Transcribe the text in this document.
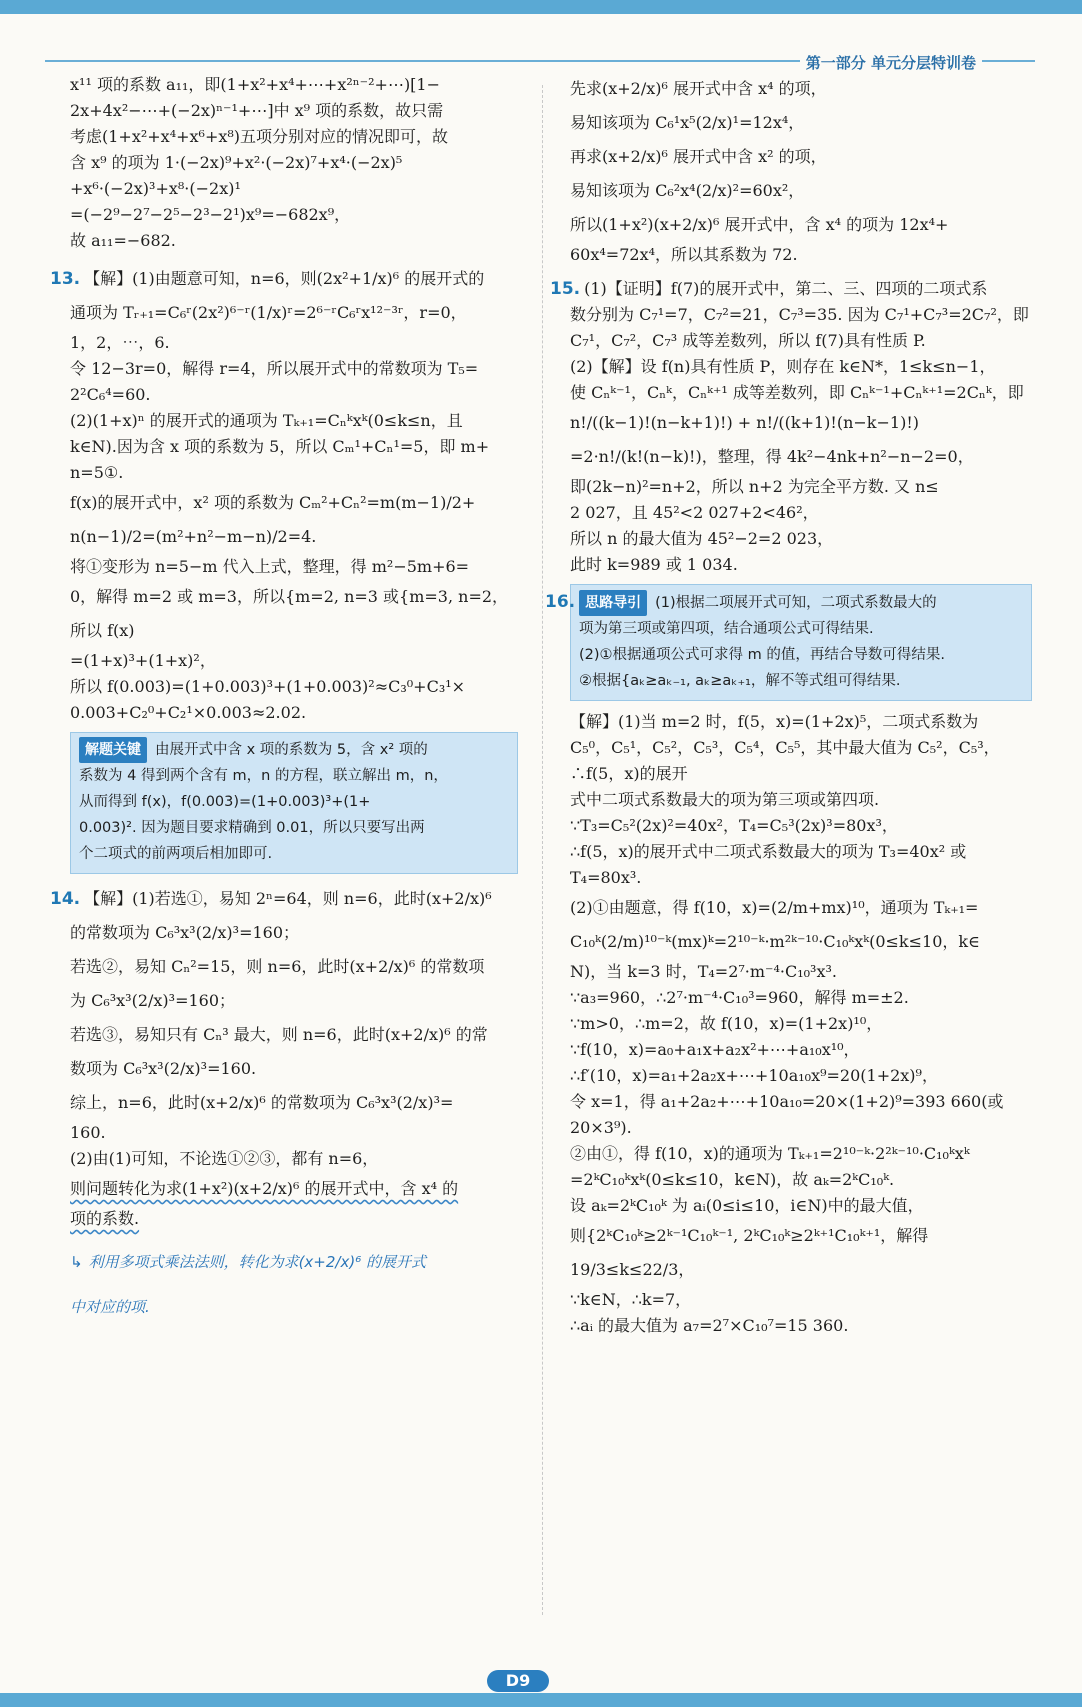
第一部分 单元分层特训卷

x¹¹ 项的系数 a₁₁，即(1+x²+x⁴+⋯+x²ⁿ⁻²+⋯)[1−

2x+4x²−⋯+(−2x)ⁿ⁻¹+⋯]中 x⁹ 项的系数，故只需

考虑(1+x²+x⁴+x⁶+x⁸)五项分别对应的情况即可，故

含 x⁹ 的项为 1·(−2x)⁹+x²·(−2x)⁷+x⁴·(−2x)⁵

+x⁶·(−2x)³+x⁸·(−2x)¹

=(−2⁹−2⁷−2⁵−2³−2¹)x⁹=−682x⁹，

故 a₁₁=−682.

13. 【解】(1)由题意可知，n=6，则(2x²+1/x)⁶ 的展开式的

通项为 Tᵣ₊₁=C₆ʳ(2x²)⁶⁻ʳ(1/x)ʳ=2⁶⁻ʳC₆ʳx¹²⁻³ʳ，r=0，

1，2，⋯，6.

令 12−3r=0，解得 r=4，所以展开式中的常数项为 T₅=

2²C₆⁴=60.

(2)(1+x)ⁿ 的展开式的通项为 Tₖ₊₁=Cₙᵏxᵏ(0≤k≤n，且

k∈N).因为含 x 项的系数为 5，所以 Cₘ¹+Cₙ¹=5，即 m+

n=5①.

f(x)的展开式中，x² 项的系数为 Cₘ²+Cₙ²=m(m−1)/2+

n(n−1)/2=(m²+n²−m−n)/2=4.

将①变形为 n=5−m 代入上式，整理，得 m²−5m+6=

0，解得 m=2 或 m=3，所以{m=2, n=3 或{m=3, n=2，所以 f(x)

=(1+x)³+(1+x)²，

所以 f(0.003)=(1+0.003)³+(1+0.003)²≈C₃⁰+C₃¹×

0.003+C₂⁰+C₂¹×0.003≈2.02.

解题关键 由展开式中含 x 项的系数为 5，含 x² 项的

系数为 4 得到两个含有 m，n 的方程，联立解出 m，n，

从而得到 f(x)，f(0.003)=(1+0.003)³+(1+

0.003)². 因为题目要求精确到 0.01，所以只要写出两

个二项式的前两项后相加即可.

14. 【解】(1)若选①，易知 2ⁿ=64，则 n=6，此时(x+2/x)⁶

的常数项为 C₆³x³(2/x)³=160；

若选②，易知 Cₙ²=15，则 n=6，此时(x+2/x)⁶ 的常数项

为 C₆³x³(2/x)³=160；

若选③，易知只有 Cₙ³ 最大，则 n=6，此时(x+2/x)⁶ 的常

数项为 C₆³x³(2/x)³=160.

综上，n=6，此时(x+2/x)⁶ 的常数项为 C₆³x³(2/x)³=

160.

(2)由(1)可知，不论选①②③，都有 n=6，

则问题转化为求(1+x²)(x+2/x)⁶ 的展开式中，含 x⁴ 的

项的系数.

↳ 利用多项式乘法法则，转化为求(x+2/x)⁶ 的展开式

中对应的项.

先求(x+2/x)⁶ 展开式中含 x⁴ 的项，

易知该项为 C₆¹x⁵(2/x)¹=12x⁴，

再求(x+2/x)⁶ 展开式中含 x² 的项，

易知该项为 C₆²x⁴(2/x)²=60x²，

所以(1+x²)(x+2/x)⁶ 展开式中，含 x⁴ 的项为 12x⁴+

60x⁴=72x⁴，所以其系数为 72.

15. (1)【证明】f(7)的展开式中，第二、三、四项的二项式系

数分别为 C₇¹=7，C₇²=21，C₇³=35. 因为 C₇¹+C₇³=2C₇²，即

C₇¹，C₇²，C₇³ 成等差数列，所以 f(7)具有性质 P.

(2)【解】设 f(n)具有性质 P，则存在 k∈N*，1≤k≤n−1，

使 Cₙᵏ⁻¹，Cₙᵏ，Cₙᵏ⁺¹ 成等差数列，即 Cₙᵏ⁻¹+Cₙᵏ⁺¹=2Cₙᵏ，即

n!/((k−1)!(n−k+1)!) + n!/((k+1)!(n−k−1)!)

=2·n!/(k!(n−k)!)，整理，得 4k²−4nk+n²−n−2=0，

即(2k−n)²=n+2，所以 n+2 为完全平方数. 又 n≤

2 027，且 45²<2 027+2<46²，

所以 n 的最大值为 45²−2=2 023，

此时 k=989 或 1 034.

16. 思路导引 (1)根据二项展开式可知，二项式系数最大的

项为第三项或第四项，结合通项公式可得结果.

(2)①根据通项公式可求得 m 的值，再结合导数可得结果.

②根据{aₖ≥aₖ₋₁, aₖ≥aₖ₊₁，解不等式组可得结果.

【解】(1)当 m=2 时，f(5，x)=(1+2x)⁵，二项式系数为

C₅⁰，C₅¹，C₅²，C₅³，C₅⁴，C₅⁵，其中最大值为 C₅²，C₅³，∴f(5，x)的展开

式中二项式系数最大的项为第三项或第四项.

∵T₃=C₅²(2x)²=40x²，T₄=C₅³(2x)³=80x³，

∴f(5，x)的展开式中二项式系数最大的项为 T₃=40x² 或

T₄=80x³.

(2)①由题意，得 f(10，x)=(2/m+mx)¹⁰，通项为 Tₖ₊₁=

C₁₀ᵏ(2/m)¹⁰⁻ᵏ(mx)ᵏ=2¹⁰⁻ᵏ·m²ᵏ⁻¹⁰·C₁₀ᵏxᵏ(0≤k≤10，k∈

N)，当 k=3 时，T₄=2⁷·m⁻⁴·C₁₀³x³.

∵a₃=960，∴2⁷·m⁻⁴·C₁₀³=960，解得 m=±2.

∵m>0，∴m=2，故 f(10，x)=(1+2x)¹⁰，

∵f(10，x)=a₀+a₁x+a₂x²+⋯+a₁₀x¹⁰，

∴f′(10，x)=a₁+2a₂x+⋯+10a₁₀x⁹=20(1+2x)⁹，

令 x=1，得 a₁+2a₂+⋯+10a₁₀=20×(1+2)⁹=393 660(或

20×3⁹).

②由①，得 f(10，x)的通项为 Tₖ₊₁=2¹⁰⁻ᵏ·2²ᵏ⁻¹⁰·C₁₀ᵏxᵏ

=2ᵏC₁₀ᵏxᵏ(0≤k≤10，k∈N)，故 aₖ=2ᵏC₁₀ᵏ.

设 aₖ=2ᵏC₁₀ᵏ 为 aᵢ(0≤i≤10，i∈N)中的最大值，

则{2ᵏC₁₀ᵏ≥2ᵏ⁻¹C₁₀ᵏ⁻¹, 2ᵏC₁₀ᵏ≥2ᵏ⁺¹C₁₀ᵏ⁺¹，解得 19/3≤k≤22/3，

∵k∈N，∴k=7，

∴aᵢ 的最大值为 a₇=2⁷×C₁₀⁷=15 360.

D9
